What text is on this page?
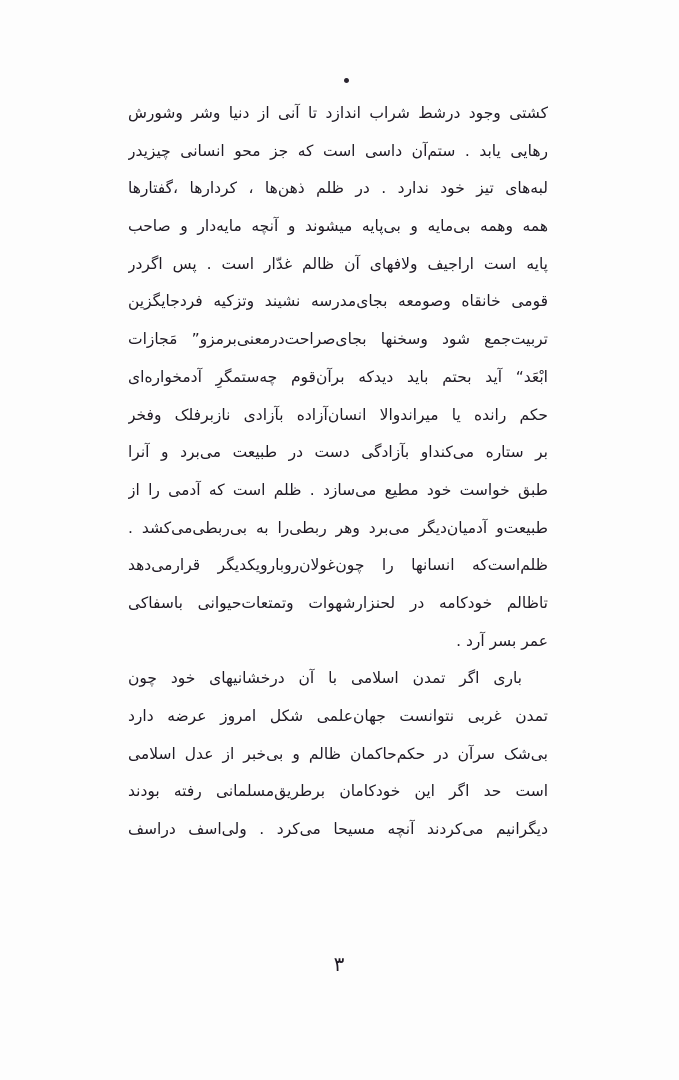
کشتی وجود درشط شراب اندازد تا آنی از دنیا وشر وشورش
رهایی یابد . ستم‌آن داسی است که جز محو انسانی چیزیدر
لبه‌های تیز خود ندارد . در ظلم ذهن‌ها ، کردارها ،گفتارها
همه وهمه بی‌مایه و بی‌پایه میشوند و آنچه مایه‌دار و صاحب
پایه است اراجیف ولافهای آن ظالم غدّار است . پس اگردر
قومی خانقاه وصومعه بجای‌مدرسه نشیند وتزکیه فردجایگزین
تربیت‌جمع شود وسخنها بجای‌صراحت‌درمعنی‌برمزو” مَجازات
ابْعَد“ آید بحتم باید دیدکه برآن‌قوم چه‌ستمگرِ آدمخواره‌ای
حکم رانده یا میراندو‌الا انسان‌آزاده بآزادی نازبرفلک وفخر
بر ستاره می‌کنداو بآزادگی دست در طبیعت می‌برد و آنرا
طبق خواست خود مطیع می‌سازد . ظلم است که آدمی را از
طبیعت‌و آدمیان‌دیگر می‌برد وهر ربطی‌را به بی‌ربطی‌می‌کشد .
ظلم‌است‌که انسانها را چون‌غولان‌روبارویکدیگر قرارمی‌دهد
تاظالم خودکامه در لحنزارشهوات وتمتعات‌حیوانی باسفاکی
عمر بسر آرد .
باری اگر تمدن اسلامی با آن درخشانیهای خود چون
تمدن غربی نتوانست جهان‌علمی شکل امروز عرضه دارد
بی‌شک سرآن در حکم‌حاکمان ظالم و بی‌خبر از عدل اسلامی
است حد اگر این خودکامان برطریق‌مسلمانی رفته بودند
دیگرانیم می‌کردند آنچه مسیحا می‌کرد . ولی‌اسف دراسف
٣
